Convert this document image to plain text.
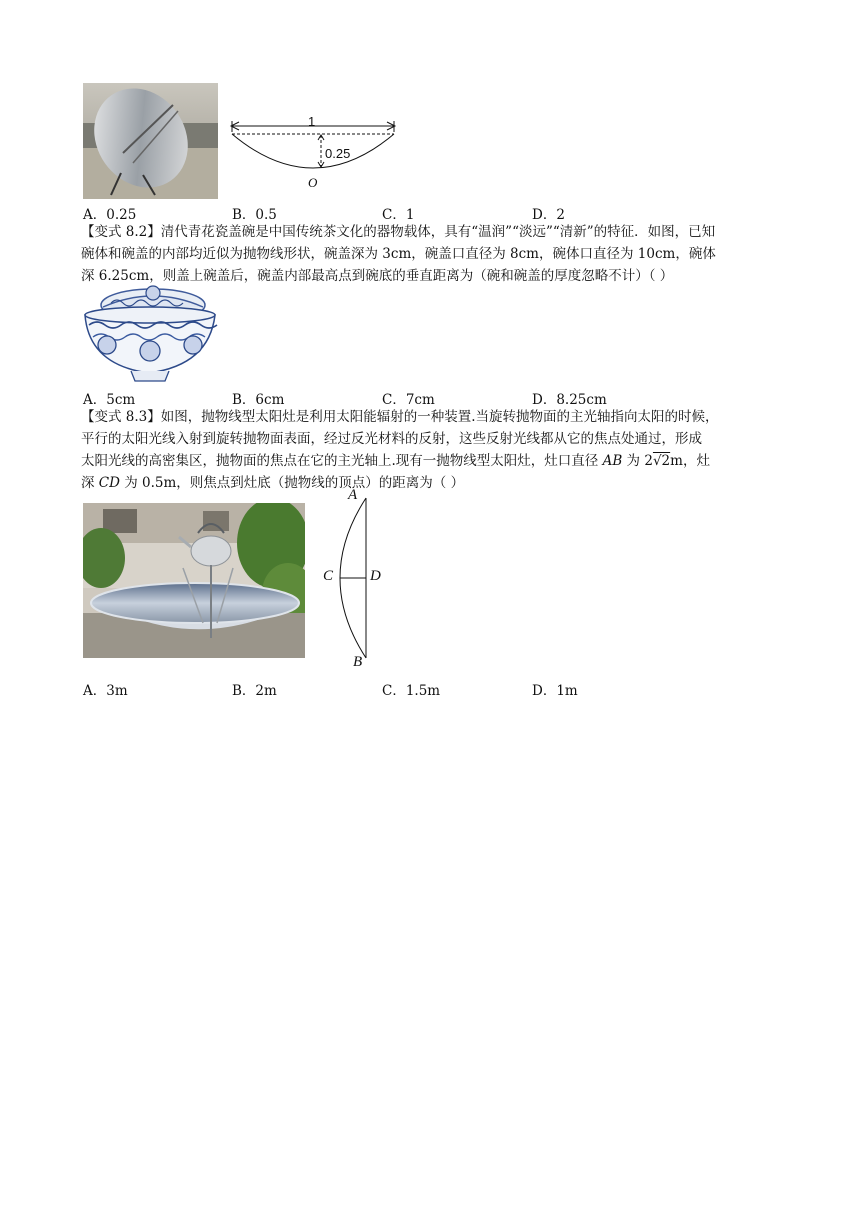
1
0.25
O
A．0.25	B．0.5	C．1	D．2
【变式 8.2】清代青花瓷盖碗是中国传统茶文化的器物载体，具有“温润”“淡远”“清新”的特征．如图，已知
碗体和碗盖的内部均近似为抛物线形状，碗盖深为 3cm，碗盖口直径为 8cm，碗体口直径为 10cm，碗体
深 6.25cm，则盖上碗盖后，碗盖内部最高点到碗底的垂直距离为（碗和碗盖的厚度忽略不计）（ ）
A．5cm	B．6cm	C．7cm	D．8.25cm
【变式 8.3】如图，抛物线型太阳灶是利用太阳能辐射的一种装置.当旋转抛物面的主光轴指向太阳的时候，
平行的太阳光线入射到旋转抛物面表面，经过反光材料的反射，这些反射光线都从它的焦点处通过，形成
太阳光线的高密集区，抛物面的焦点在它的主光轴上.现有一抛物线型太阳灶，灶口直径 AB 为 2√2m，灶
深 CD 为 0.5m，则焦点到灶底（抛物线的顶点）的距离为（ ）
A
C D
B
A．3m	B．2m	C．1.5m	D．1m
